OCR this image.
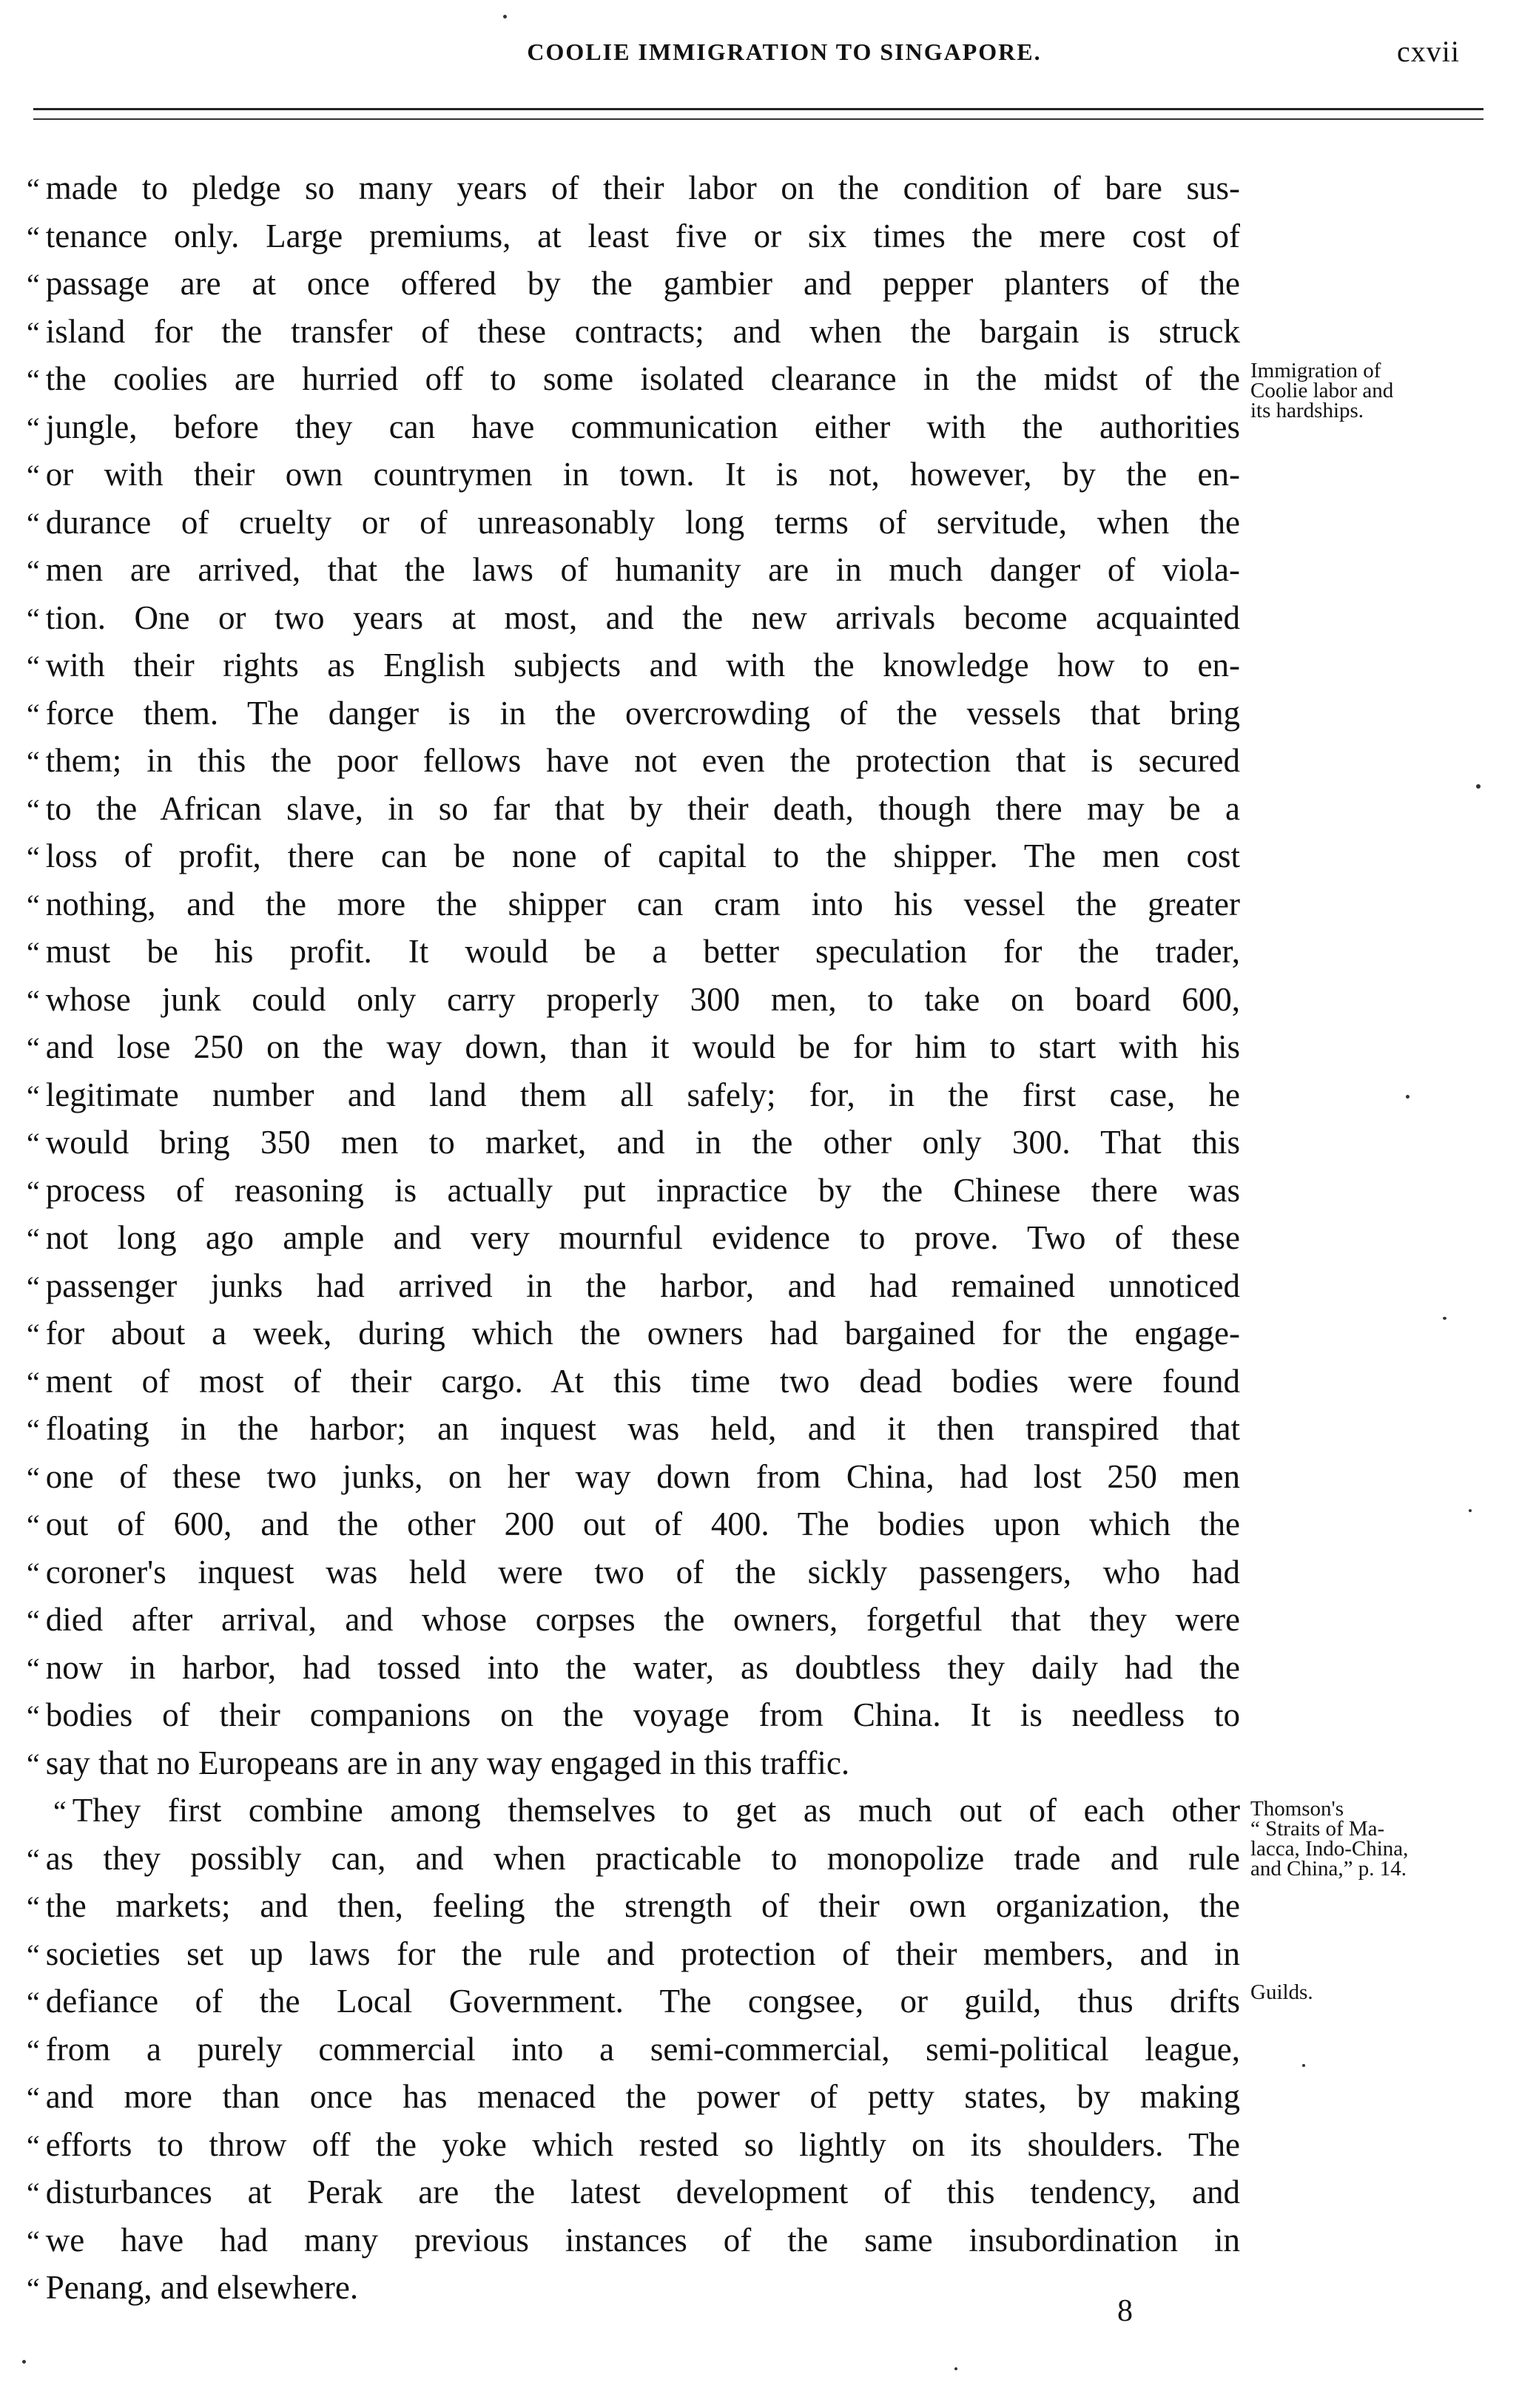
COOLIE IMMIGRATION TO SINGAPORE.	cxvii
“ made to pledge so many years of their labor on the condition of bare sus-
“ tenance only. Large premiums, at least five or six times the mere cost of
“ passage are at once offered by the gambier and pepper planters of the
“ island for the transfer of these contracts; and when the bargain is struck
“ the coolies are hurried off to some isolated clearance in the midst of the
“ jungle, before they can have communication either with the authorities
“ or with their own countrymen in town. It is not, however, by the en-
“ durance of cruelty or of unreasonably long terms of servitude, when the
“ men are arrived, that the laws of humanity are in much danger of viola-
“ tion. One or two years at most, and the new arrivals become acquainted
“ with their rights as English subjects and with the knowledge how to en-
“ force them. The danger is in the overcrowding of the vessels that bring
“ them; in this the poor fellows have not even the protection that is secured
“ to the African slave, in so far that by their death, though there may be a
“ loss of profit, there can be none of capital to the shipper. The men cost
“ nothing, and the more the shipper can cram into his vessel the greater
“ must be his profit. It would be a better speculation for the trader,
“ whose junk could only carry properly 300 men, to take on board 600,
“ and lose 250 on the way down, than it would be for him to start with his
“ legitimate number and land them all safely; for, in the first case, he
“ would bring 350 men to market, and in the other only 300. That this
“ process of reasoning is actually put inpractice by the Chinese there was
“ not long ago ample and very mournful evidence to prove. Two of these
“ passenger junks had arrived in the harbor, and had remained unnoticed
“ for about a week, during which the owners had bargained for the engage-
“ ment of most of their cargo. At this time two dead bodies were found
“ floating in the harbor; an inquest was held, and it then transpired that
“ one of these two junks, on her way down from China, had lost 250 men
“ out of 600, and the other 200 out of 400. The bodies upon which the
“ coroner's inquest was held were two of the sickly passengers, who had
“ died after arrival, and whose corpses the owners, forgetful that they were
“ now in harbor, had tossed into the water, as doubtless they daily had the
“ bodies of their companions on the voyage from China. It is needless to
“ say that no Europeans are in any way engaged in this traffic.
“ They first combine among themselves to get as much out of each other
“ as they possibly can, and when practicable to monopolize trade and rule
“ the markets; and then, feeling the strength of their own organization, the
“ societies set up laws for the rule and protection of their members, and in
“ defiance of the Local Government. The congsee, or guild, thus drifts
“ from a purely commercial into a semi-commercial, semi-political league,
“ and more than once has menaced the power of petty states, by making
“ efforts to throw off the yoke which rested so lightly on its shoulders. The
“ disturbances at Perak are the latest development of this tendency, and
“ we have had many previous instances of the same insubordination in
“ Penang, and elsewhere.
Immigration of
Coolie labor and
its hardships.
Thomson's
“ Straits of Ma-
lacca, Indo-China,
and China,” p. 14.
Guilds.
8
